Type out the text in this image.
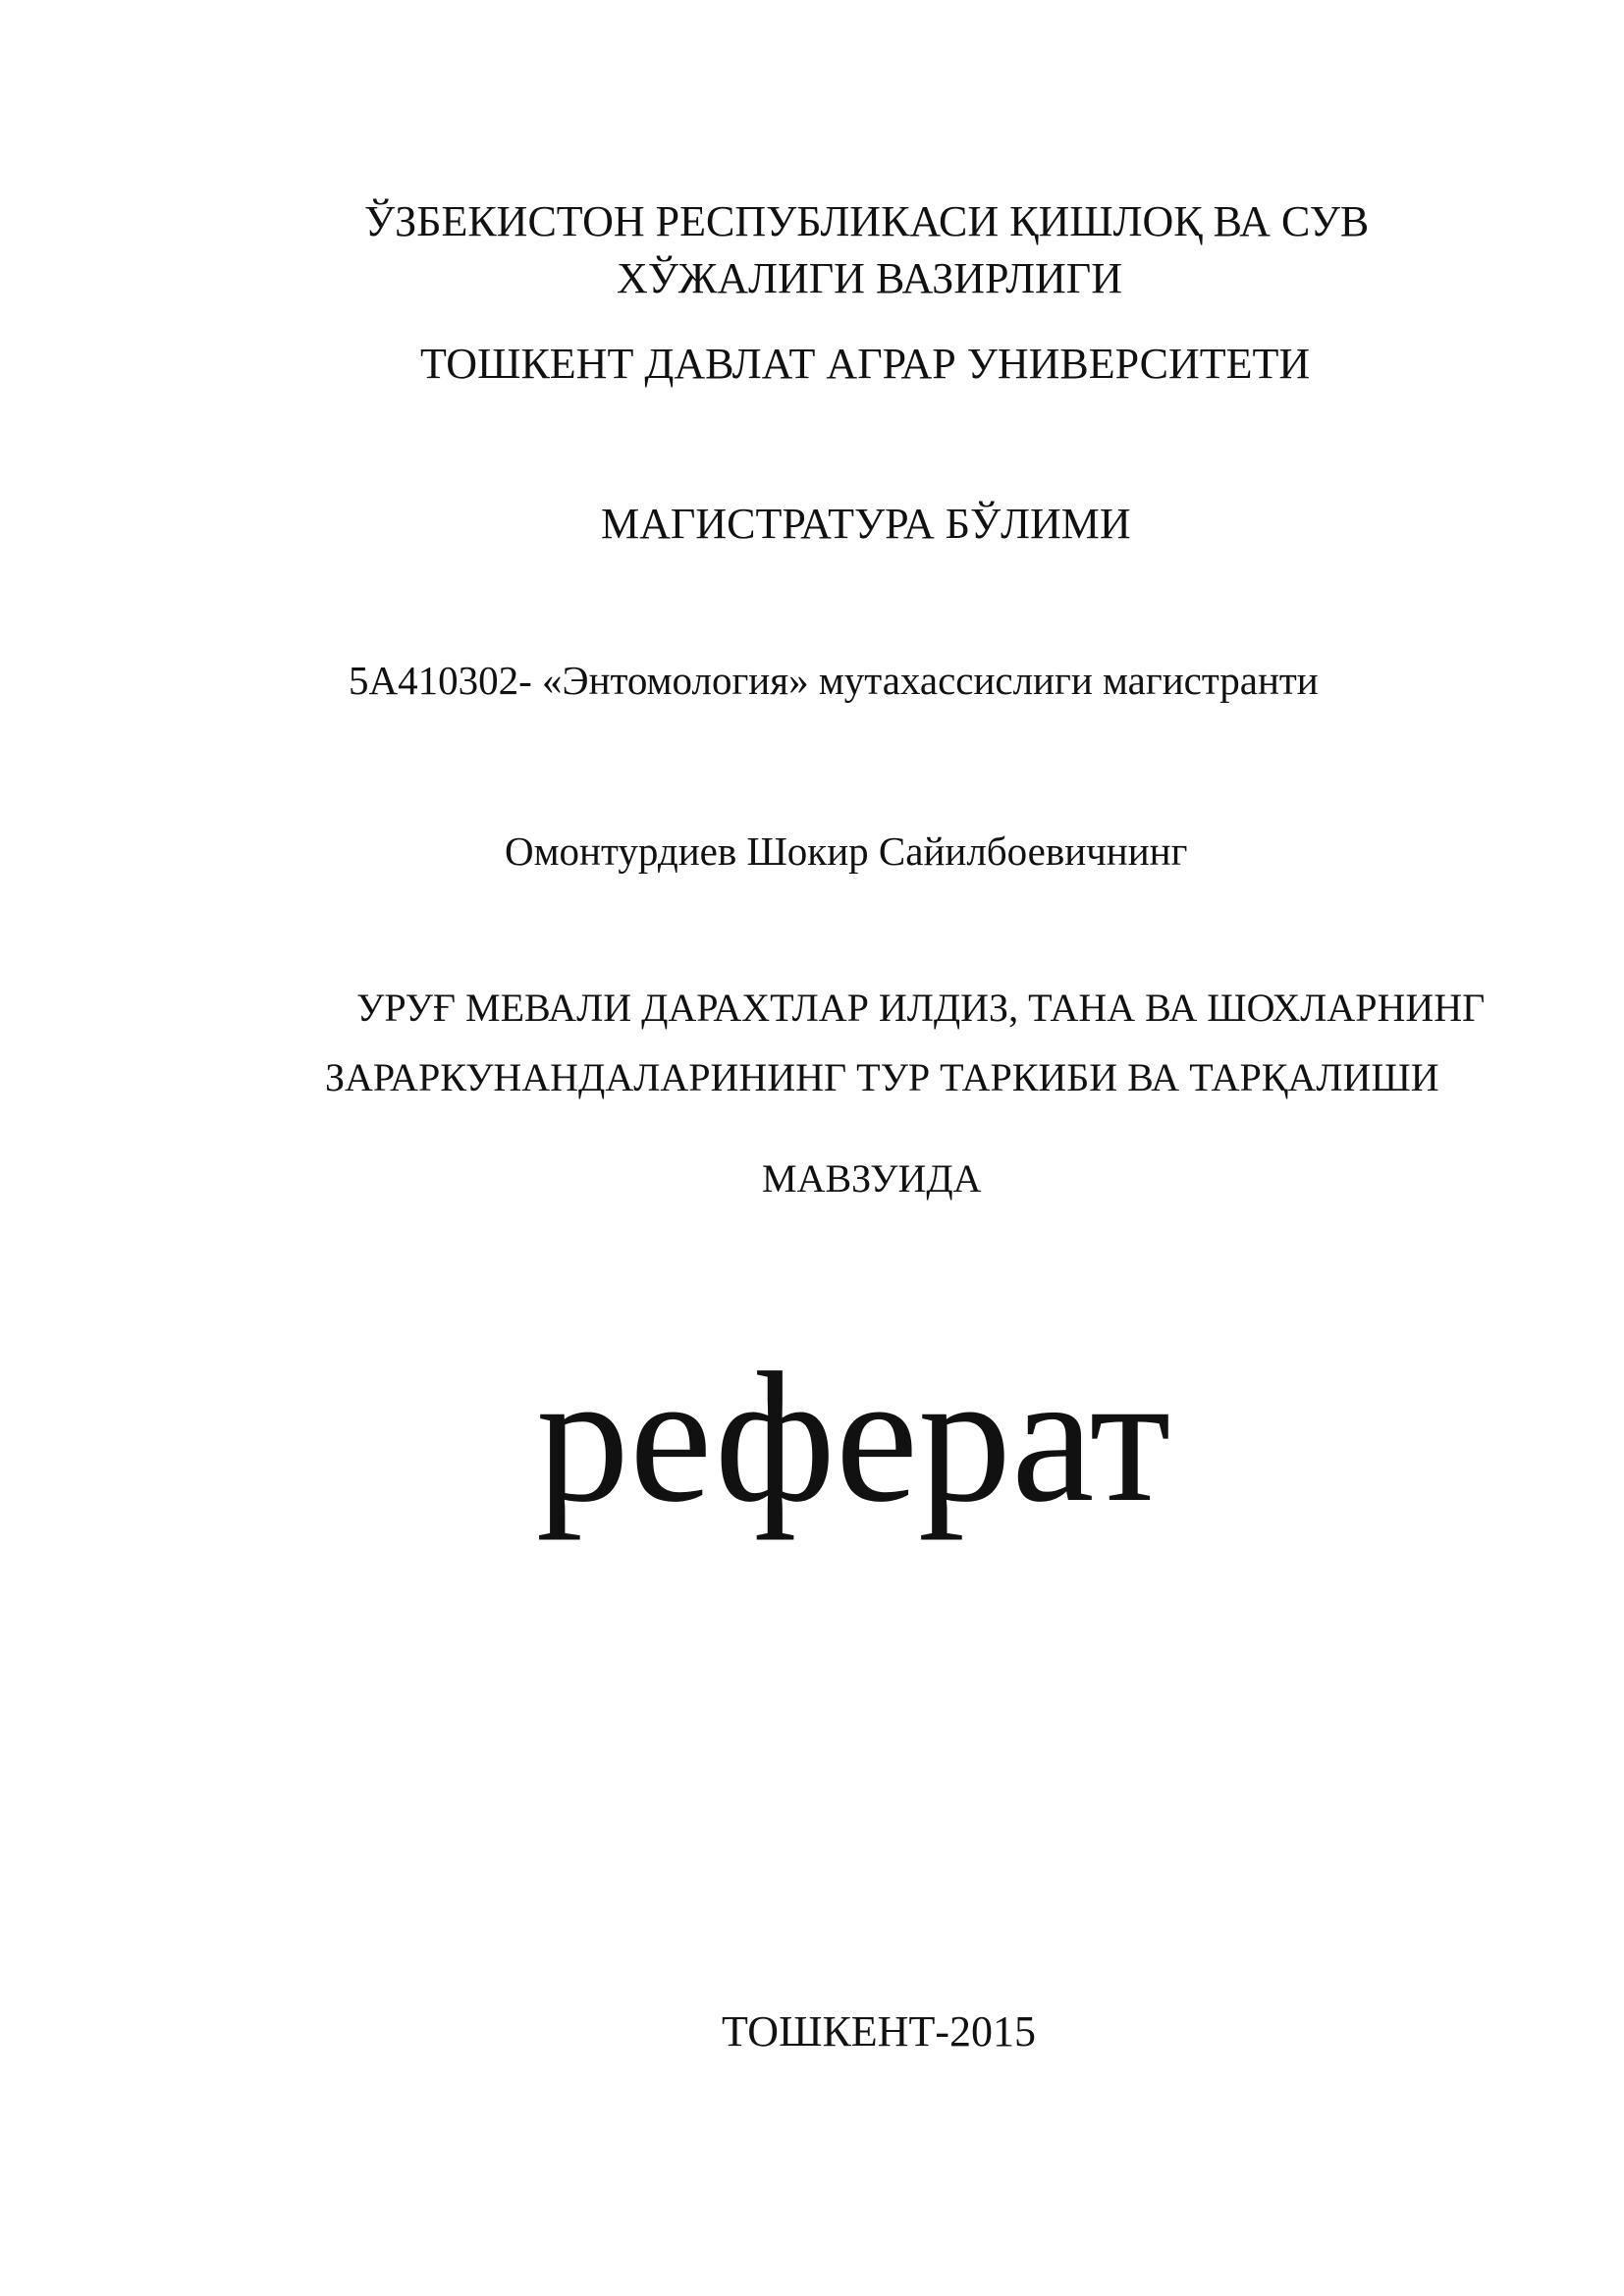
ЎЗБЕКИСТОН РЕСПУБЛИКАСИ ҚИШЛОҚ ВА СУВ
ХЎЖАЛИГИ ВАЗИРЛИГИ
ТОШКЕНТ ДАВЛАТ АГРАР УНИВЕРСИТЕТИ
МАГИСТРАТУРА БЎЛИМИ
5А410302- «Энтомология» мутахассислиги магистранти
Омонтурдиев Шокир Сайилбоевичнинг
УРУҒ МЕВАЛИ ДАРАХТЛАР ИЛДИЗ, ТАНА ВА ШОХЛАРНИНГ
ЗАРАРКУНАНДАЛАРИНИНГ ТУР ТАРКИБИ ВА ТАРҚАЛИШИ
МАВЗУИДА
реферат
ТОШКЕНТ-2015
